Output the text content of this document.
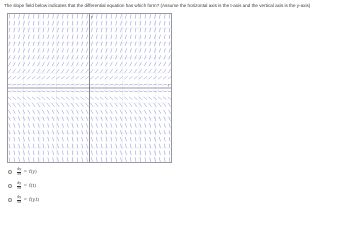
The slope field below indicates that the differential equation has which form? (Assume the horizontal axis is the t-axis and the vertical axis is the y-axis)
t
$\frac{dy}{dt} = f(y)$
$\frac{dy}{dt} = f(t)$
$\frac{dy}{dt} = f(y,t)$
